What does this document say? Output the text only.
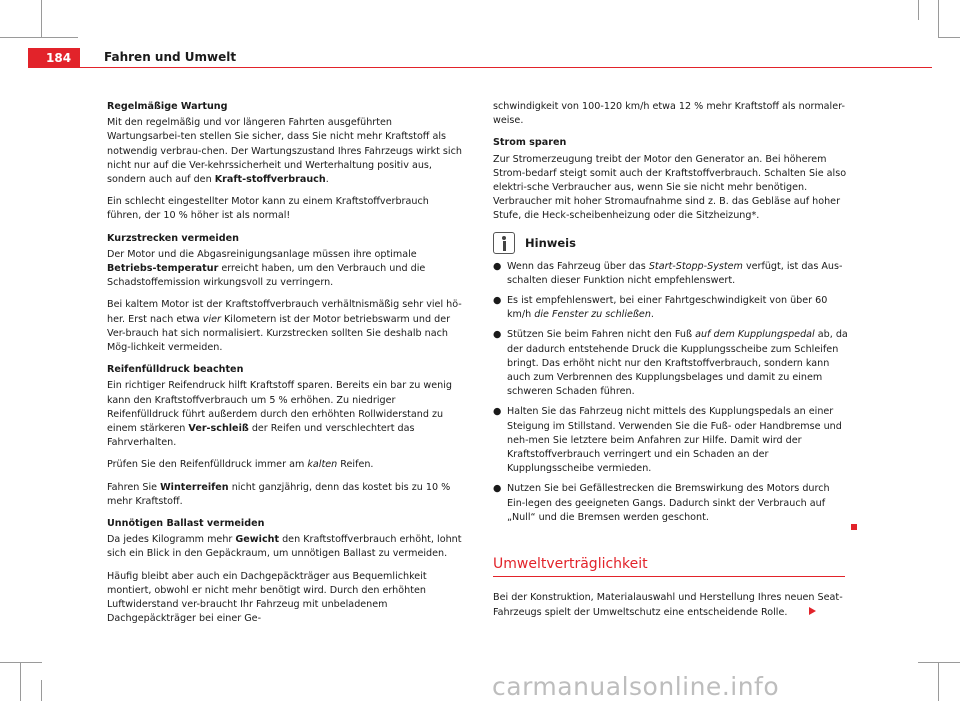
184	Fahren und Umwelt
Regelmäßige Wartung

Mit den regelmäßig und vor längeren Fahrten ausgeführten Wartungsarbei-ten stellen Sie sicher, dass Sie nicht mehr Kraftstoff als notwendig verbrau-chen. Der Wartungszustand Ihres Fahrzeugs wirkt sich nicht nur auf die Ver-kehrssicherheit und Werterhaltung positiv aus, sondern auch auf den Kraft-stoffverbrauch.

Ein schlecht eingestellter Motor kann zu einem Kraftstoffverbrauch führen, der 10 % höher ist als normal!

Kurzstrecken vermeiden

Der Motor und die Abgasreinigungsanlage müssen ihre optimale Betriebs-temperatur erreicht haben, um den Verbrauch und die Schadstoffemission wirkungsvoll zu verringern.

Bei kaltem Motor ist der Kraftstoffverbrauch verhältnismäßig sehr viel hö-her. Erst nach etwa vier Kilometern ist der Motor betriebswarm und der Ver-brauch hat sich normalisiert. Kurzstrecken sollten Sie deshalb nach Mög-lichkeit vermeiden.

Reifenfülldruck beachten

Ein richtiger Reifendruck hilft Kraftstoff sparen. Bereits ein bar zu wenig kann den Kraftstoffverbrauch um 5 % erhöhen. Zu niedriger Reifenfülldruck führt außerdem durch den erhöhten Rollwiderstand zu einem stärkeren Ver-schleiß der Reifen und verschlechtert das Fahrverhalten.

Prüfen Sie den Reifenfülldruck immer am kalten Reifen.

Fahren Sie Winterreifen nicht ganzjährig, denn das kostet bis zu 10 % mehr Kraftstoff.

Unnötigen Ballast vermeiden

Da jedes Kilogramm mehr Gewicht den Kraftstoffverbrauch erhöht, lohnt sich ein Blick in den Gepäckraum, um unnötigen Ballast zu vermeiden.

Häufig bleibt aber auch ein Dachgepäckträger aus Bequemlichkeit montiert, obwohl er nicht mehr benötigt wird. Durch den erhöhten Luftwiderstand ver-braucht Ihr Fahrzeug mit unbeladenem Dachgepäckträger bei einer Ge-

schwindigkeit von 100-120 km/h etwa 12 % mehr Kraftstoff als normaler-weise.

Strom sparen

Zur Stromerzeugung treibt der Motor den Generator an. Bei höherem Strom-bedarf steigt somit auch der Kraftstoffverbrauch. Schalten Sie also elektri-sche Verbraucher aus, wenn Sie sie nicht mehr benötigen. Verbraucher mit hoher Stromaufnahme sind z. B. das Gebläse auf hoher Stufe, die Heck-scheibenheizung oder die Sitzheizung*.

Hinweis
● Wenn das Fahrzeug über das Start-Stopp-System verfügt, ist das Aus-schalten dieser Funktion nicht empfehlenswert.
● Es ist empfehlenswert, bei einer Fahrtgeschwindigkeit von über 60 km/h die Fenster zu schließen.
● Stützen Sie beim Fahren nicht den Fuß auf dem Kupplungspedal ab, da der dadurch entstehende Druck die Kupplungsscheibe zum Schleifen bringt. Das erhöht nicht nur den Kraftstoffverbrauch, sondern kann auch zum Verbrennen des Kupplungsbelages und damit zu einem schweren Schaden führen.
● Halten Sie das Fahrzeug nicht mittels des Kupplungspedals an einer Steigung im Stillstand. Verwenden Sie die Fuß- oder Handbremse und neh-men Sie letztere beim Anfahren zur Hilfe. Damit wird der Kraftstoffverbrauch verringert und ein Schaden an der Kupplungsscheibe vermieden.
● Nutzen Sie bei Gefällestrecken die Bremswirkung des Motors durch Ein-legen des geeigneten Gangs. Dadurch sinkt der Verbrauch auf „Null“ und die Bremsen werden geschont.
Umweltverträglichkeit

Bei der Konstruktion, Materialauswahl und Herstellung Ihres neuen Seat-Fahrzeugs spielt der Umweltschutz eine entscheidende Rolle.

carmanualsonline.info
